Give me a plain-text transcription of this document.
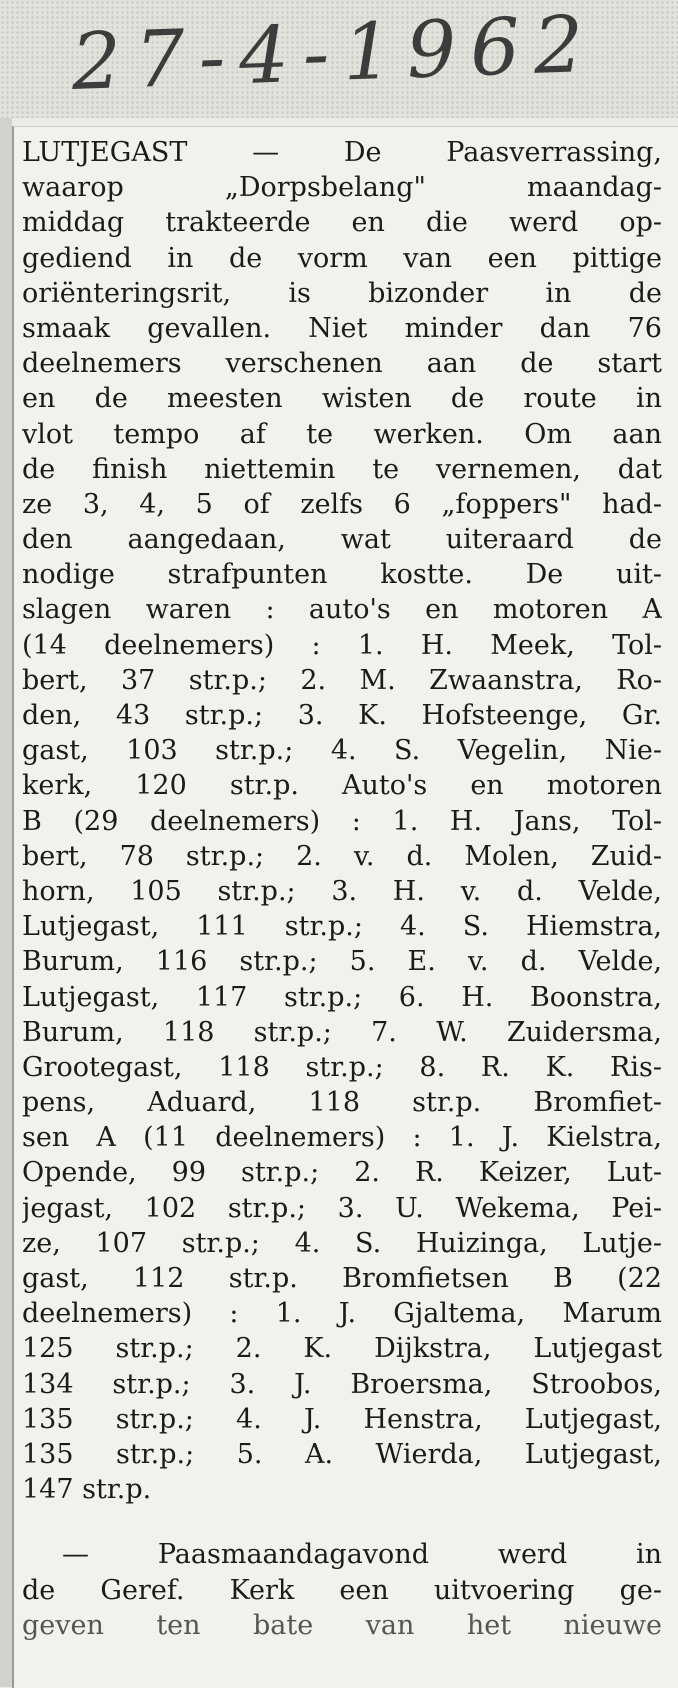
27-4-1962
LUTJEGAST — De Paasverrassing,
waarop „Dorpsbelang" maandag-
middag trakteerde en die werd op-
gediend in de vorm van een pittige
oriënteringsrit, is bizonder in de
smaak gevallen. Niet minder dan 76
deelnemers verschenen aan de start
en de meesten wisten de route in
vlot tempo af te werken. Om aan
de finish niettemin te vernemen, dat
ze 3, 4, 5 of zelfs 6 „foppers" had-
den aangedaan, wat uiteraard de
nodige strafpunten kostte. De uit-
slagen waren : auto's en motoren A
(14 deelnemers) : 1. H. Meek, Tol-
bert, 37 str.p.; 2. M. Zwaanstra, Ro-
den, 43 str.p.; 3. K. Hofsteenge, Gr.
gast, 103 str.p.; 4. S. Vegelin, Nie-
kerk, 120 str.p. Auto's en motoren
B (29 deelnemers) : 1. H. Jans, Tol-
bert, 78 str.p.; 2. v. d. Molen, Zuid-
horn, 105 str.p.; 3. H. v. d. Velde,
Lutjegast, 111 str.p.; 4. S. Hiemstra,
Burum, 116 str.p.; 5. E. v. d. Velde,
Lutjegast, 117 str.p.; 6. H. Boonstra,
Burum, 118 str.p.; 7. W. Zuidersma,
Grootegast, 118 str.p.; 8. R. K. Ris-
pens, Aduard, 118 str.p. Bromfiet-
sen A (11 deelnemers) : 1. J. Kielstra,
Opende, 99 str.p.; 2. R. Keizer, Lut-
jegast, 102 str.p.; 3. U. Wekema, Pei-
ze, 107 str.p.; 4. S. Huizinga, Lutje-
gast, 112 str.p. Bromfietsen B (22
deelnemers) : 1. J. Gjaltema, Marum
125 str.p.; 2. K. Dijkstra, Lutjegast
134 str.p.; 3. J. Broersma, Stroobos,
135 str.p.; 4. J. Henstra, Lutjegast,
135 str.p.; 5. A. Wierda, Lutjegast,
147 str.p.
— Paasmaandagavond werd in
de Geref. Kerk een uitvoering ge-
geven ten bate van het nieuwe
